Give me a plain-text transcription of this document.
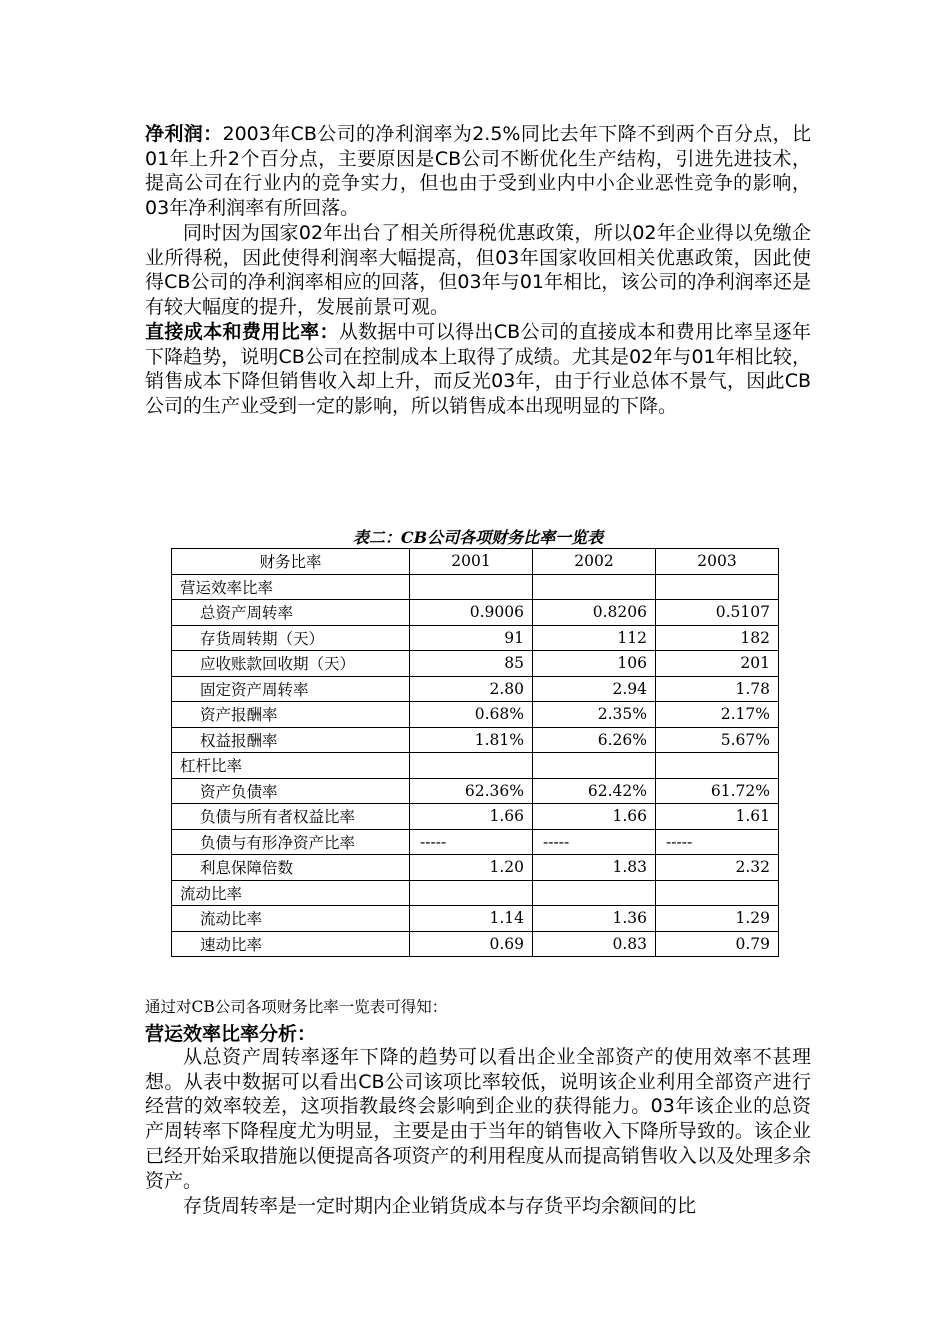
净利润：2003年CB公司的净利润率为2.5%同比去年下降不到两个百分点，比01年上升2个百分点，主要原因是CB公司不断优化生产结构，引进先进技术，提高公司在行业内的竞争实力，但也由于受到业内中小企业恶性竞争的影响，03年净利润率有所回落。

同时因为国家02年出台了相关所得税优惠政策，所以02年企业得以免缴企业所得税，因此使得利润率大幅提高，但03年国家收回相关优惠政策，因此使得CB公司的净利润率相应的回落，但03年与01年相比，该公司的净利润率还是有较大幅度的提升，发展前景可观。

直接成本和费用比率：从数据中可以得出CB公司的直接成本和费用比率呈逐年下降趋势，说明CB公司在控制成本上取得了成绩。尤其是02年与01年相比较，销售成本下降但销售收入却上升，而反光03年，由于行业总体不景气，因此CB公司的生产业受到一定的影响，所以销售成本出现明显的下降。

表二：CB公司各项财务比率一览表
财务比率	2001	2002	2003
营运效率比率			
总资产周转率	0.9006	0.8206	0.5107
存货周转期（天）	91	112	182
应收账款回收期（天）	85	106	201
固定资产周转率	2.80	2.94	1.78
资产报酬率	0.68%	2.35%	2.17%
权益报酬率	1.81%	6.26%	5.67%
杠杆比率			
资产负债率	62.36%	62.42%	61.72%
负债与所有者权益比率	1.66	1.66	1.61
负债与有形净资产比率	-----	-----	-----
利息保障倍数	1.20	1.83	2.32
流动比率			
流动比率	1.14	1.36	1.29
速动比率	0.69	0.83	0.79
通过对CB公司各项财务比率一览表可得知：
营运效率比率分析：

从总资产周转率逐年下降的趋势可以看出企业全部资产的使用效率不甚理想。从表中数据可以看出CB公司该项比率较低，说明该企业利用全部资产进行经营的效率较差，这项指教最终会影响到企业的获得能力。03年该企业的总资产周转率下降程度尤为明显，主要是由于当年的销售收入下降所导致的。该企业已经开始采取措施以便提高各项资产的利用程度从而提高销售收入以及处理多余资产。

存货周转率是一定时期内企业销货成本与存货平均余额间的比
